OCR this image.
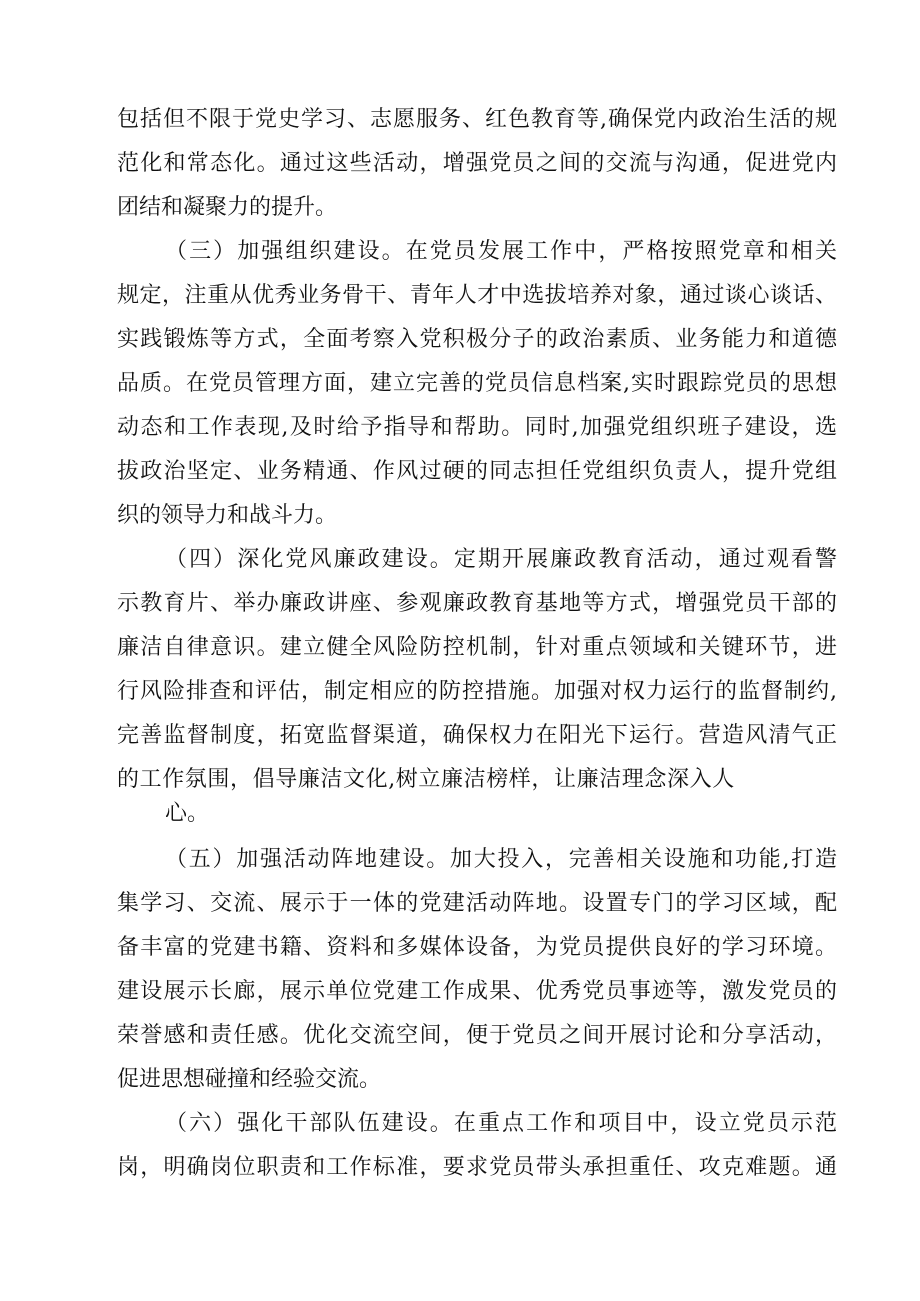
包括但不限于党史学习、志愿服务、红色教育等,确保党内政治生活的规
范化和常态化。通过这些活动，增强党员之间的交流与沟通，促进党内
团结和凝聚力的提升。
（三）加强组织建设。在党员发展工作中，严格按照党章和相关
规定，注重从优秀业务骨干、青年人才中选拔培养对象，通过谈心谈话、
实践锻炼等方式，全面考察入党积极分子的政治素质、业务能力和道德
品质。在党员管理方面，建立完善的党员信息档案,实时跟踪党员的思想
动态和工作表现,及时给予指导和帮助。同时,加强党组织班子建设，选
拔政治坚定、业务精通、作风过硬的同志担任党组织负责人，提升党组
织的领导力和战斗力。
（四）深化党风廉政建设。定期开展廉政教育活动，通过观看警
示教育片、举办廉政讲座、参观廉政教育基地等方式，增强党员干部的
廉洁自律意识。建立健全风险防控机制，针对重点领域和关键环节，进
行风险排查和评估，制定相应的防控措施。加强对权力运行的监督制约,
完善监督制度，拓宽监督渠道，确保权力在阳光下运行。营造风清气正
的工作氛围，倡导廉洁文化,树立廉洁榜样，让廉洁理念深入人
心。
（五）加强活动阵地建设。加大投入，完善相关设施和功能,打造
集学习、交流、展示于一体的党建活动阵地。设置专门的学习区域，配
备丰富的党建书籍、资料和多媒体设备，为党员提供良好的学习环境。
建设展示长廊，展示单位党建工作成果、优秀党员事迹等，激发党员的
荣誉感和责任感。优化交流空间，便于党员之间开展讨论和分享活动，
促进思想碰撞和经验交流。
（六）强化干部队伍建设。在重点工作和项目中，设立党员示范
岗，明确岗位职责和工作标准，要求党员带头承担重任、攻克难题。通
